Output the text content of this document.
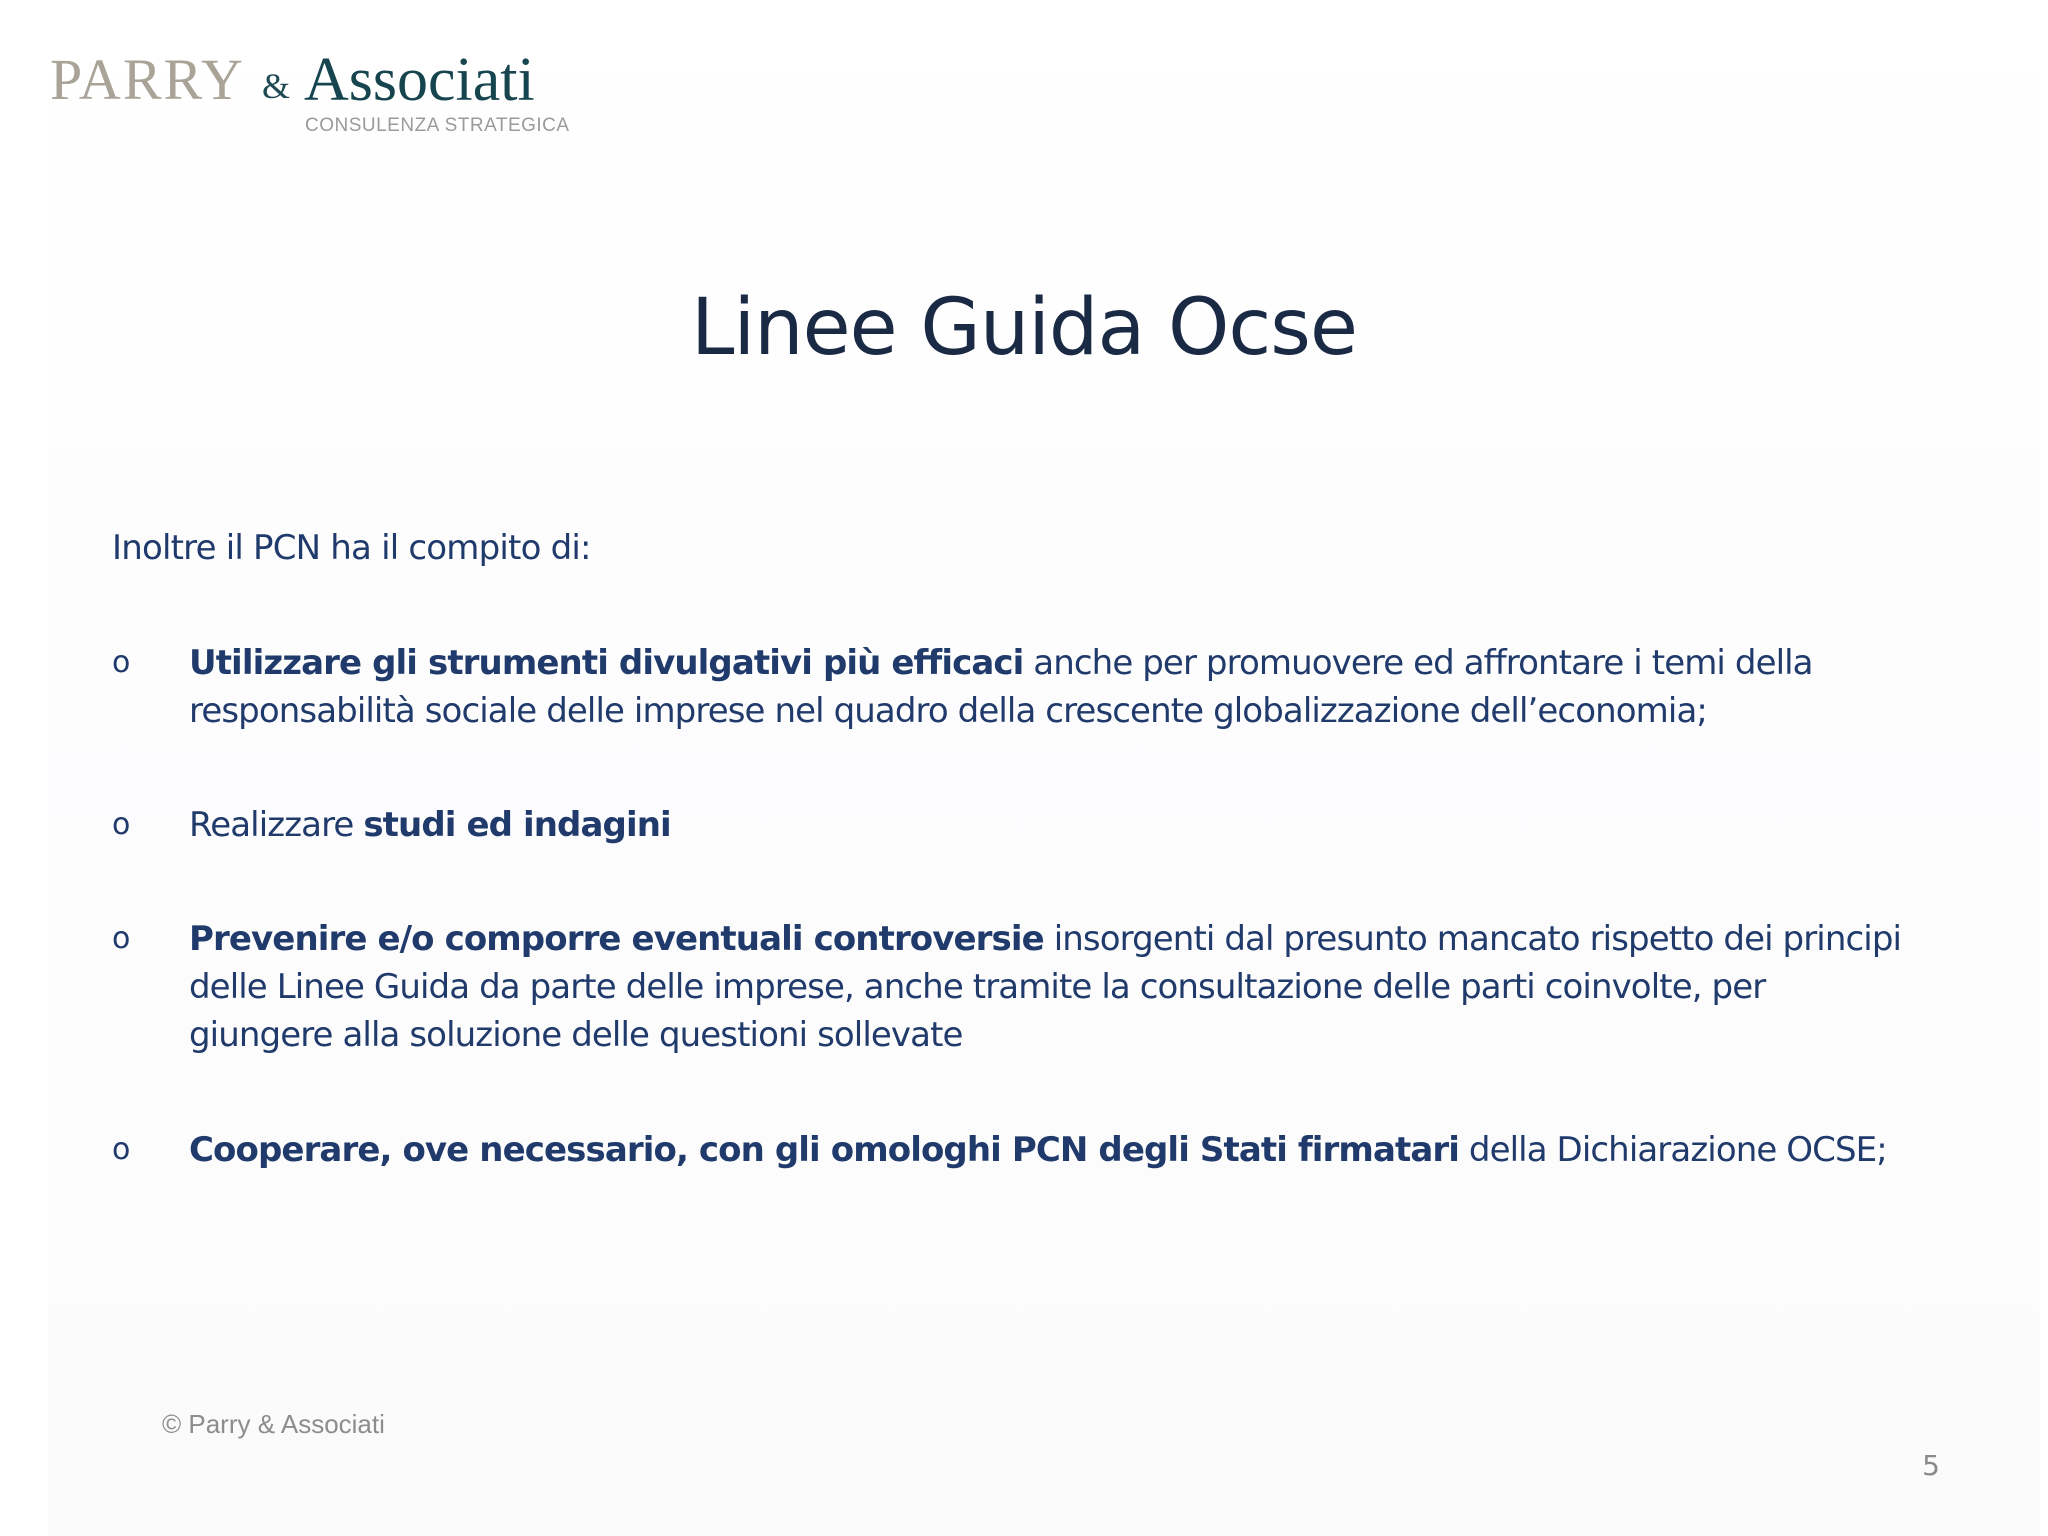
PARRY & Associati
CONSULENZA STRATEGICA
Linee Guida Ocse
Inoltre il PCN ha il compito di:
o Utilizzare gli strumenti divulgativi più efficaci anche per promuovere ed affrontare i temi della responsabilità sociale delle imprese nel quadro della crescente globalizzazione dell’economia;
o Realizzare studi ed indagini
o Prevenire e/o comporre eventuali controversie insorgenti dal presunto mancato rispetto dei principi delle Linee Guida da parte delle imprese, anche tramite la consultazione delle parti coinvolte, per giungere alla soluzione delle questioni sollevate
o Cooperare, ove necessario, con gli omologhi PCN degli Stati firmatari della Dichiarazione OCSE;
© Parry & Associati
5
